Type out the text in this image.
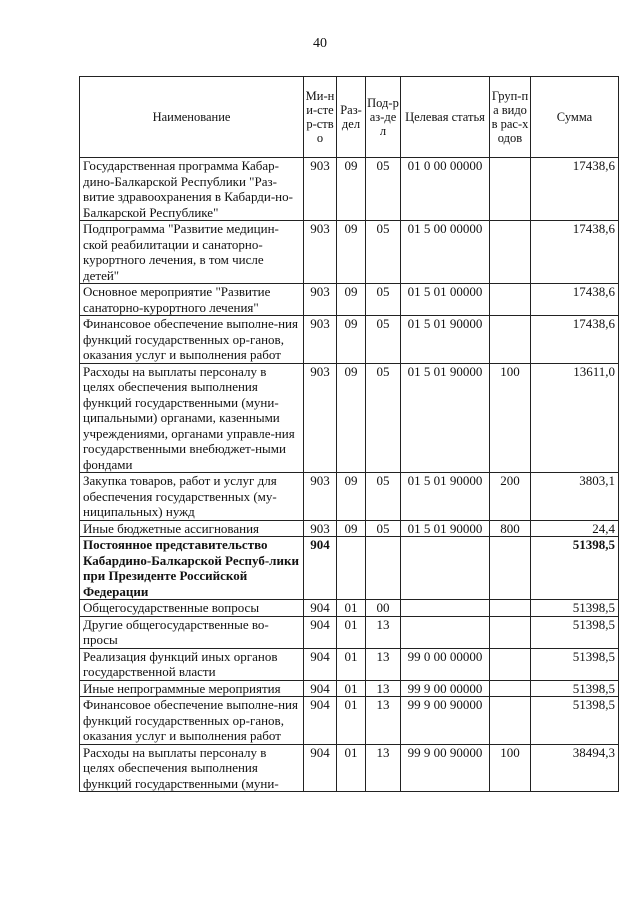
40
Наименование	Ми-ни-стер-ство	Раз-дел	Под-раз-дел	Целевая статья	Груп-па видов рас-ходов	Сумма
Государственная программа Кабар-дино-Балкарской Республики "Раз-витие здравоохранения в Кабарди-но-Балкарской Республике"	903	09	05	01 0 00 00000		17438,6
Подпрограмма "Развитие медицин-ской реабилитации и санаторно-курортного лечения, в том числе детей"	903	09	05	01 5 00 00000		17438,6
Основное мероприятие "Развитие санаторно-курортного лечения"	903	09	05	01 5 01 00000		17438,6
Финансовое обеспечение выполне-ния функций государственных ор-ганов, оказания услуг и выполнения работ	903	09	05	01 5 01 90000		17438,6
Расходы на выплаты персоналу в целях обеспечения выполнения функций государственными (муни-ципальными) органами, казенными учреждениями, органами управле-ния государственными внебюджет-ными фондами	903	09	05	01 5 01 90000	100	13611,0
Закупка товаров, работ и услуг для обеспечения государственных (му-ниципальных) нужд	903	09	05	01 5 01 90000	200	3803,1
Иные бюджетные ассигнования	903	09	05	01 5 01 90000	800	24,4
Постоянное представительство Кабардино-Балкарской Респуб-лики при Президенте Российской Федерации	904					51398,5
Общегосударственные вопросы	904	01	00			51398,5
Другие общегосударственные во-просы	904	01	13			51398,5
Реализация функций иных органов государственной власти	904	01	13	99 0 00 00000		51398,5
Иные непрограммные мероприятия	904	01	13	99 9 00 00000		51398,5
Финансовое обеспечение выполне-ния функций государственных ор-ганов, оказания услуг и выполнения работ	904	01	13	99 9 00 90000		51398,5
Расходы на выплаты персоналу в целях обеспечения выполнения функций государственными (муни-	904	01	13	99 9 00 90000	100	38494,3
